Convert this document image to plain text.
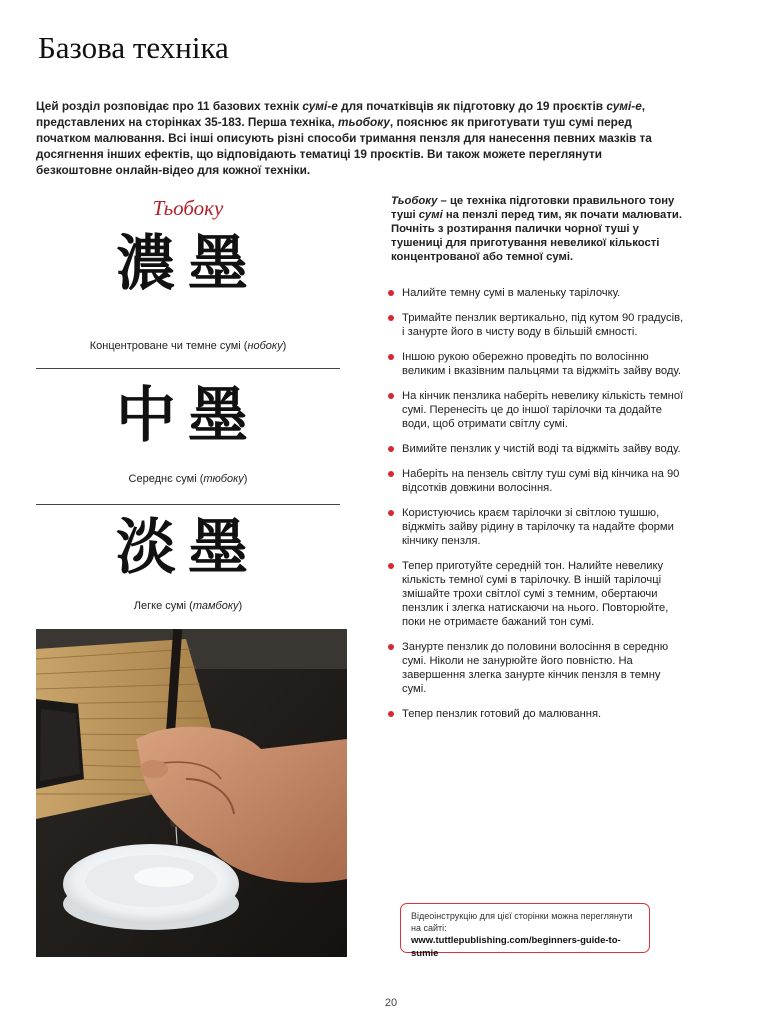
Базова техніка
Цей розділ розповідає про 11 базових технік сумі-е для початківців як підготовку до 19 проєктів сумі-е, представлених на сторінках 35-183. Перша техніка, тьобоку, пояснює як приготувати туш сумі перед початком малювання. Всі інші описують різні способи тримання пензля для нанесення певних мазків та досягнення інших ефектів, що відповідають тематиці 19 проєктів. Ви також можете переглянути безкоштовне онлайн-відео для кожної техніки.
Тьобоку
濃墨
Концентроване чи темне сумі (нобоку)
中墨
Середнє сумі (тюбоку)
淡墨
Легке сумі (тамбоку)
Тьобоку – це техніка підготовки правильного тону туші сумі на пензлі перед тим, як почати малювати. Почніть з розтирання палички чорної туші у тушениці для приготування невеликої кількості концентрованої або темної сумі.
Налийте темну сумі в маленьку тарілочку.
Тримайте пензлик вертикально, під кутом 90 градусів, і занурте його в чисту воду в більшій ємності.
Іншою рукою обережно проведіть по волосінню великим і вказівним пальцями та віджміть зайву воду.
На кінчик пензлика наберіть невелику кількість темної сумі. Перенесіть це до іншої тарілочки та додайте води, щоб отримати світлу сумі.
Вимийте пензлик у чистій воді та віджміть зайву воду.
Наберіть на пензель світлу туш сумі від кінчика на 90 відсотків довжини волосіння.
Користуючись краєм тарілочки зі світлою тушшю, віджміть зайву рідину в тарілочку та надайте форми кінчику пензля.
Тепер приготуйте середній тон. Налийте невелику кількість темної сумі в тарілочку. В іншій тарілочці змішайте трохи світлої сумі з темним, обертаючи пензлик і злегка натискаючи на нього. Повторюйте, поки не отримаєте бажаний тон сумі.
Занурте пензлик до половини волосіння в середню сумі. Ніколи не занурюйте його повністю. На завершення злегка занурте кінчик пензля в темну сумі.
Тепер пензлик готовий до малювання.
Відеоінструкцію для цієї сторінки можна переглянути на сайті:
www.tuttlepublishing.com/beginners-guide-to-sumie
20
